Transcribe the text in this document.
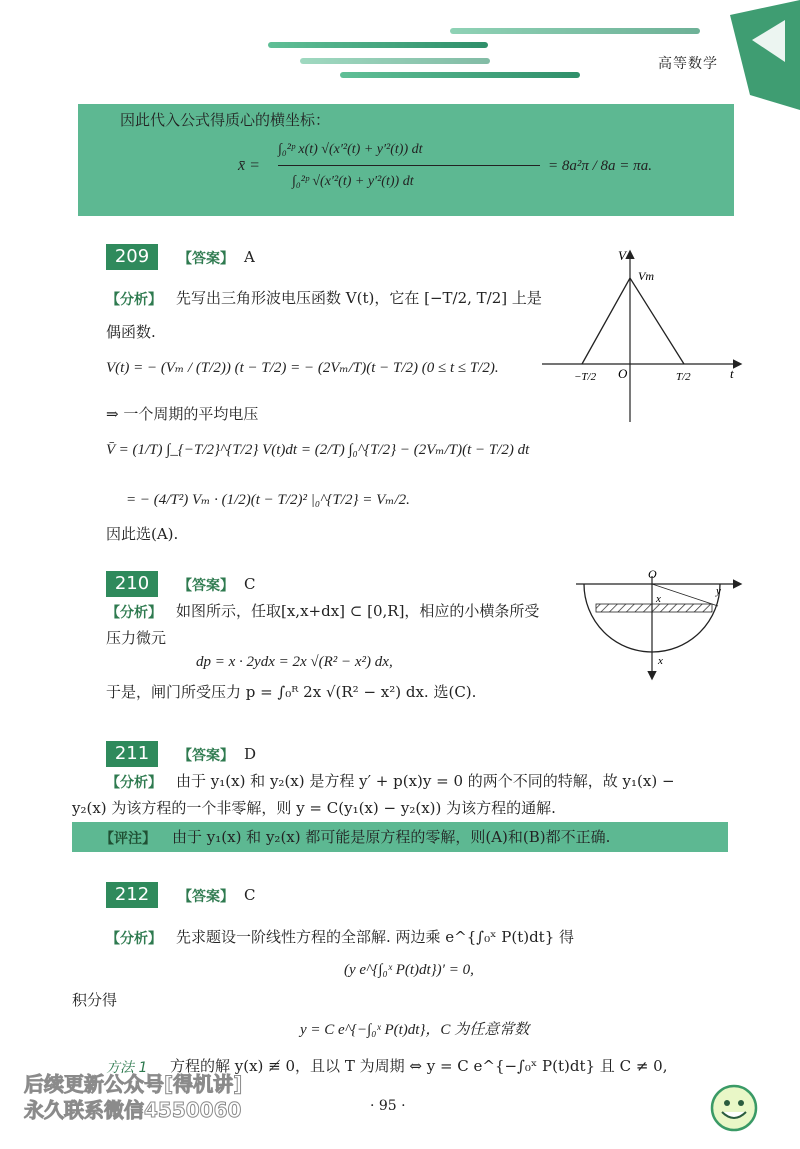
高等数学
因此代入公式得质心的横坐标：
x̄ =
∫₀²ᵖ x(t) √(x′²(t) + y′²(t)) dt
∫₀²ᵖ √(x′²(t) + y′²(t)) dt
= 8a²π / 8a = πa.
209	【答案】 A
【分析】 先写出三角形波电压函数 V(t)，它在 [−T/2, T/2] 上是
偶函数.
V(t) = − (Vₘ / (T/2)) (t − T/2) = − (2Vₘ/T)(t − T/2) (0 ≤ t ≤ T/2).
⇒ 一个周期的平均电压
V̄ = (1/T) ∫_{−T/2}^{T/2} V(t)dt = (2/T) ∫₀^{T/2} − (2Vₘ/T)(t − T/2) dt
= − (4/T²) Vₘ · (1/2)(t − T/2)² |₀^{T/2} = Vₘ/2.
因此选(A).
V
Vm
O
−T/2	T/2	t
210	【答案】 C
【分析】 如图所示，任取[x,x+dx] ⊂ [0,R]，相应的小横条所受
压力微元
dp = x · 2ydx = 2x √(R² − x²) dx,
于是，闸门所受压力 p = ∫₀ᴿ 2x √(R² − x²) dx. 选(C).
O
x
y
x
211	【答案】 D
【分析】 由于 y₁(x) 和 y₂(x) 是方程 y′ + p(x)y = 0 的两个不同的特解，故 y₁(x) −
y₂(x) 为该方程的一个非零解，则 y = C(y₁(x) − y₂(x)) 为该方程的通解.
【评注】 由于 y₁(x) 和 y₂(x) 都可能是原方程的零解，则(A)和(B)都不正确.
212	【答案】 C
【分析】 先求题设一阶线性方程的全部解. 两边乘 e^{∫₀ˣ P(t)dt} 得
(y e^{∫₀ˣ P(t)dt})′ = 0,
积分得
y = C e^{−∫₀ˣ P(t)dt}，C 为任意常数
方法 1 方程的解 y(x) ≢ 0，且以 T 为周期 ⇔ y = C e^{−∫₀ˣ P(t)dt} 且 C ≠ 0,
· 95 ·
后续更新公众号[得机讲]
永久联系微信4550060
